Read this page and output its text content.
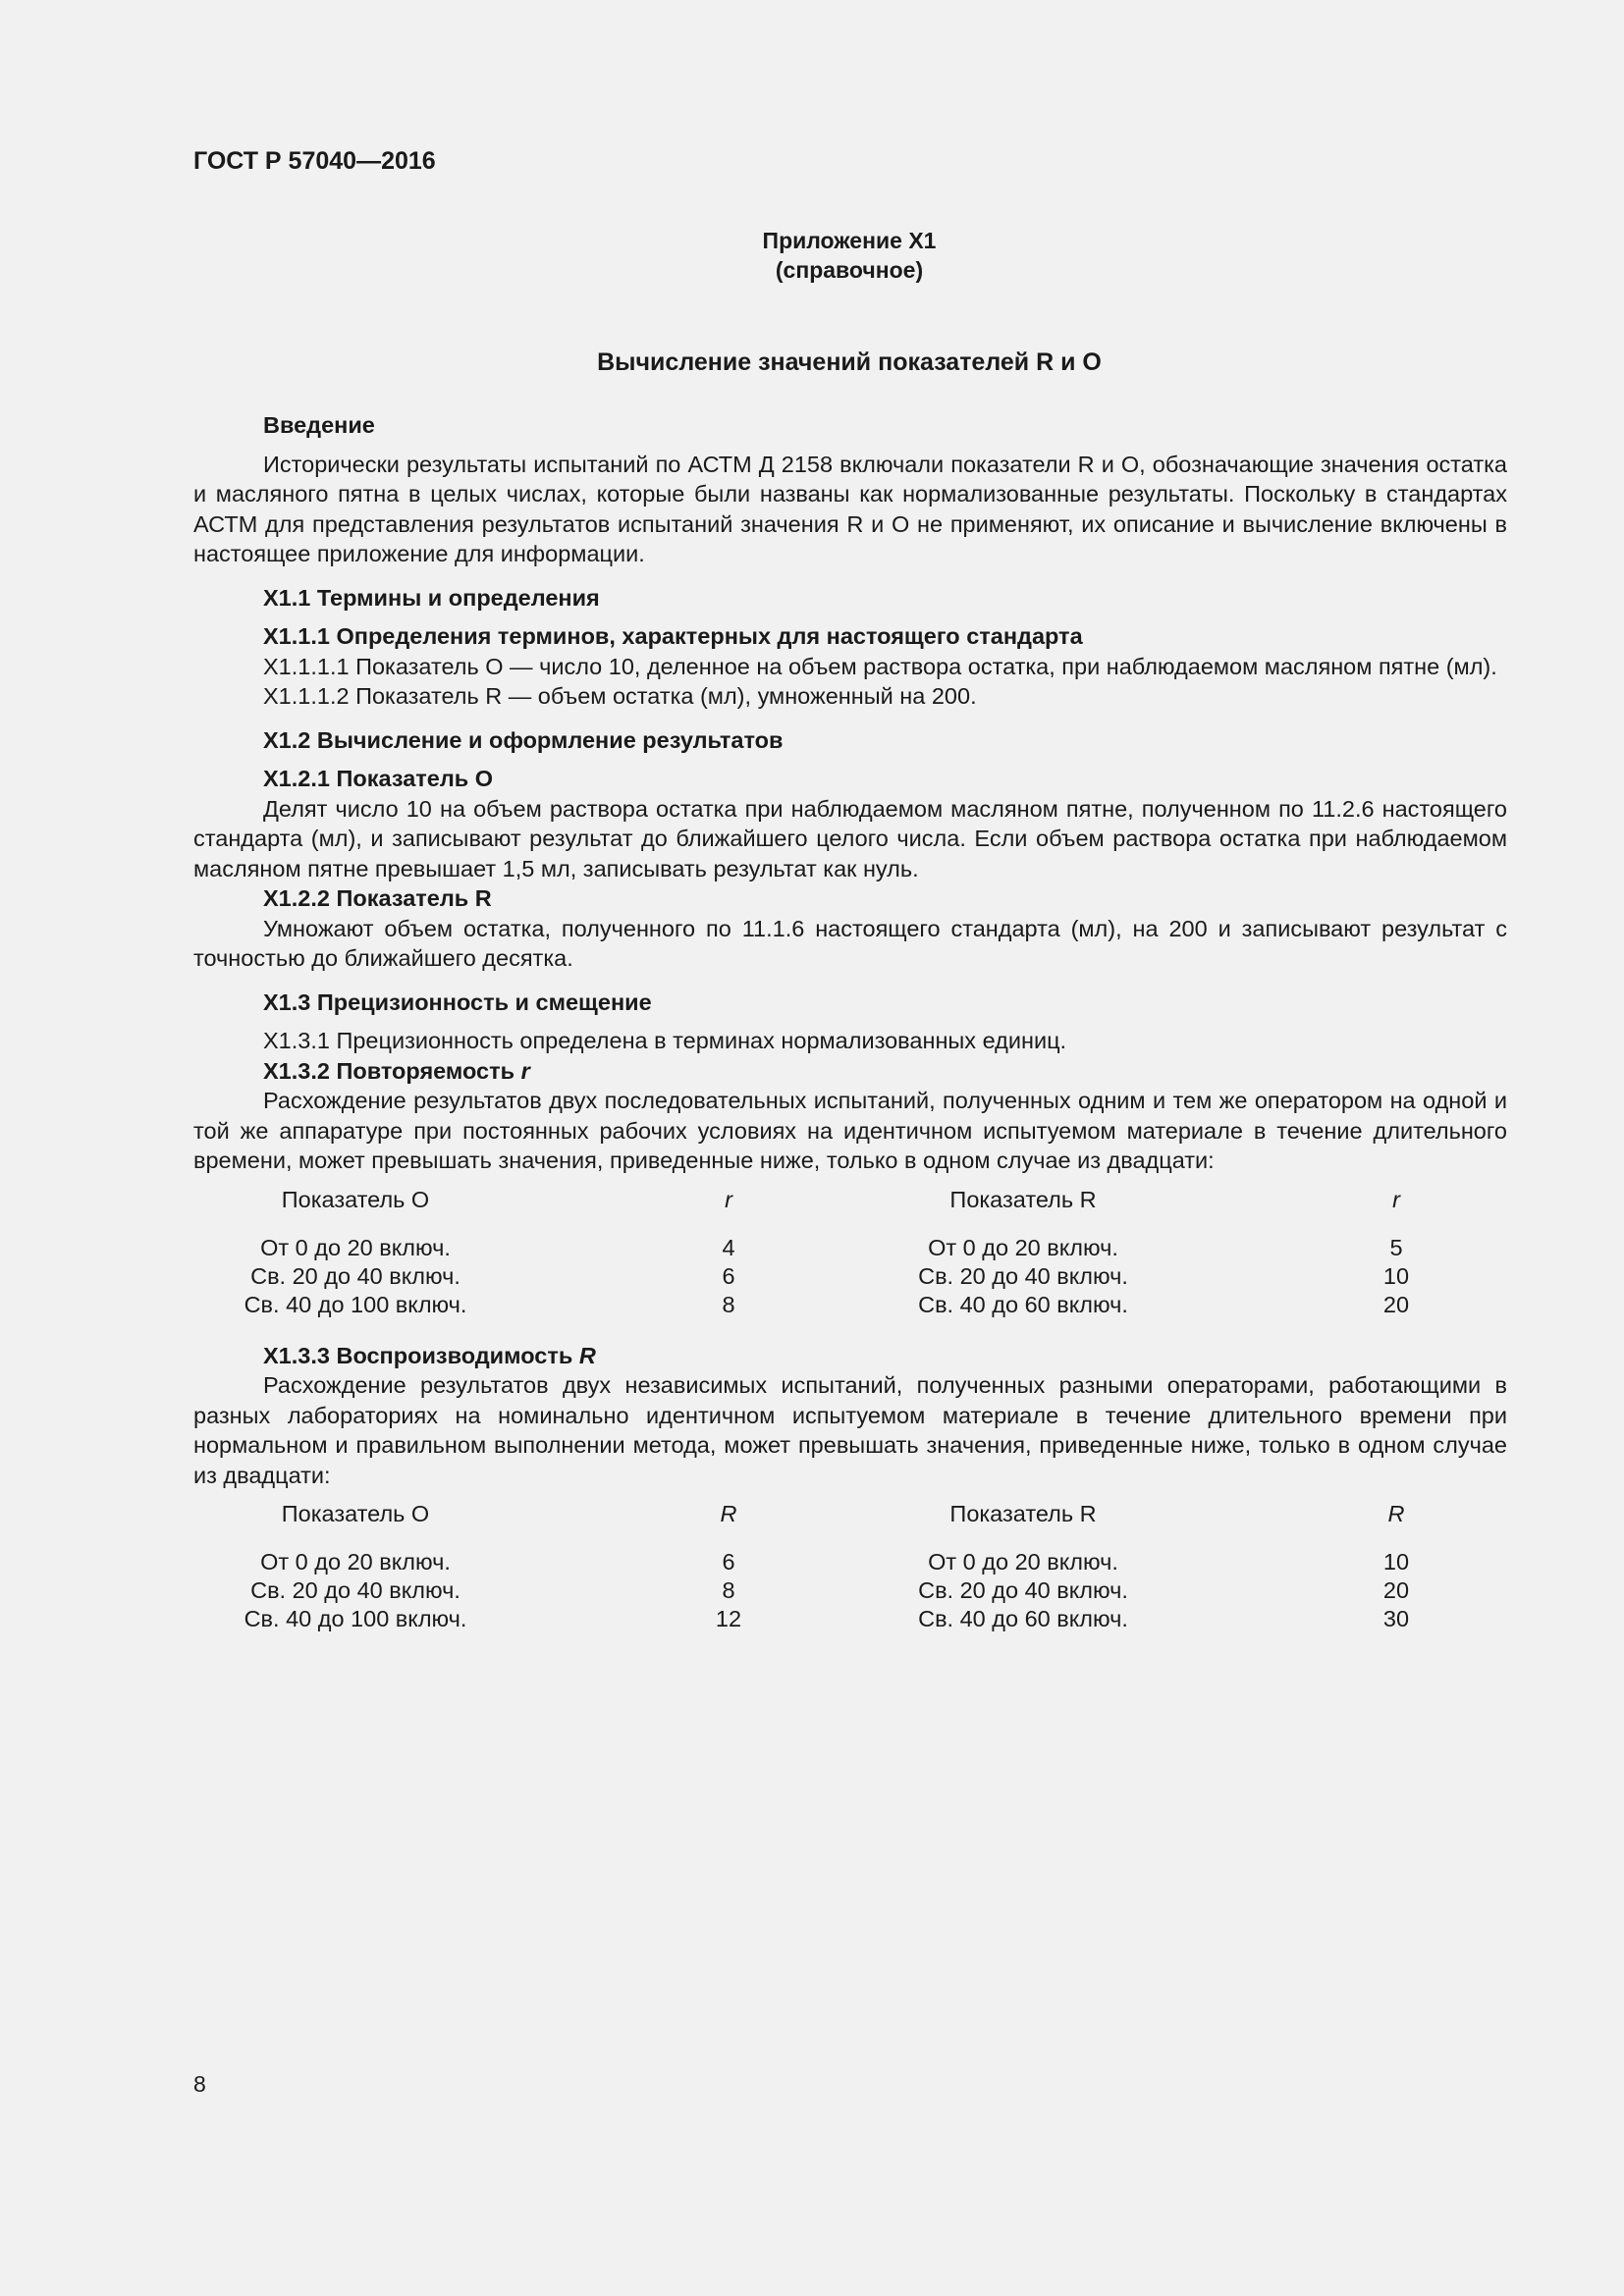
ГОСТ Р 57040—2016
Приложение X1
(справочное)
Вычисление значений показателей R и O

Введение

Исторически результаты испытаний по АСТМ Д 2158 включали показатели R и O, обозначающие значения остатка и масляного пятна в целых числах, которые были названы как нормализованные результаты. Поскольку в стандартах АСТМ для представления результатов испытаний значения R и O не применяют, их описание и вычисление включены в настоящее приложение для информации.

X1.1 Термины и определения

X1.1.1 Определения терминов, характерных для настоящего стандарта

X1.1.1.1 Показатель O — число 10, деленное на объем раствора остатка, при наблюдаемом масляном пятне (мл).

X1.1.1.2 Показатель R — объем остатка (мл), умноженный на 200.

X1.2 Вычисление и оформление результатов

X1.2.1 Показатель O

Делят число 10 на объем раствора остатка при наблюдаемом масляном пятне, полученном по 11.2.6 настоящего стандарта (мл), и записывают результат до ближайшего целого числа. Если объем раствора остатка при наблюдаемом масляном пятне превышает 1,5 мл, записывать результат как нуль.

X1.2.2 Показатель R

Умножают объем остатка, полученного по 11.1.6 настоящего стандарта (мл), на 200 и записывают результат с точностью до ближайшего десятка.

X1.3 Прецизионность и смещение

X1.3.1 Прецизионность определена в терминах нормализованных единиц.

X1.3.2 Повторяемость r

Расхождение результатов двух последовательных испытаний, полученных одним и тем же оператором на одной и той же аппаратуре при постоянных рабочих условиях на идентичном испытуемом материале в течение длительного времени, может превышать значения, приведенные ниже, только в одном случае из двадцати:

Показатель O	r	Показатель R	r
От 0 до 20 включ.	4	От 0 до 20 включ.	5
Св. 20 до 40 включ.	6	Св. 20 до 40 включ.	10
Св. 40 до 100 включ.	8	Св. 40 до 60 включ.	20

X1.3.3 Воспроизводимость R

Расхождение результатов двух независимых испытаний, полученных разными операторами, работающими в разных лабораториях на номинально идентичном испытуемом материале в течение длительного времени при нормальном и правильном выполнении метода, может превышать значения, приведенные ниже, только в одном случае из двадцати:

Показатель O	R	Показатель R	R
От 0 до 20 включ.	6	От 0 до 20 включ.	10
Св. 20 до 40 включ.	8	Св. 20 до 40 включ.	20
Св. 40 до 100 включ.	12	Св. 40 до 60 включ.	30
8
